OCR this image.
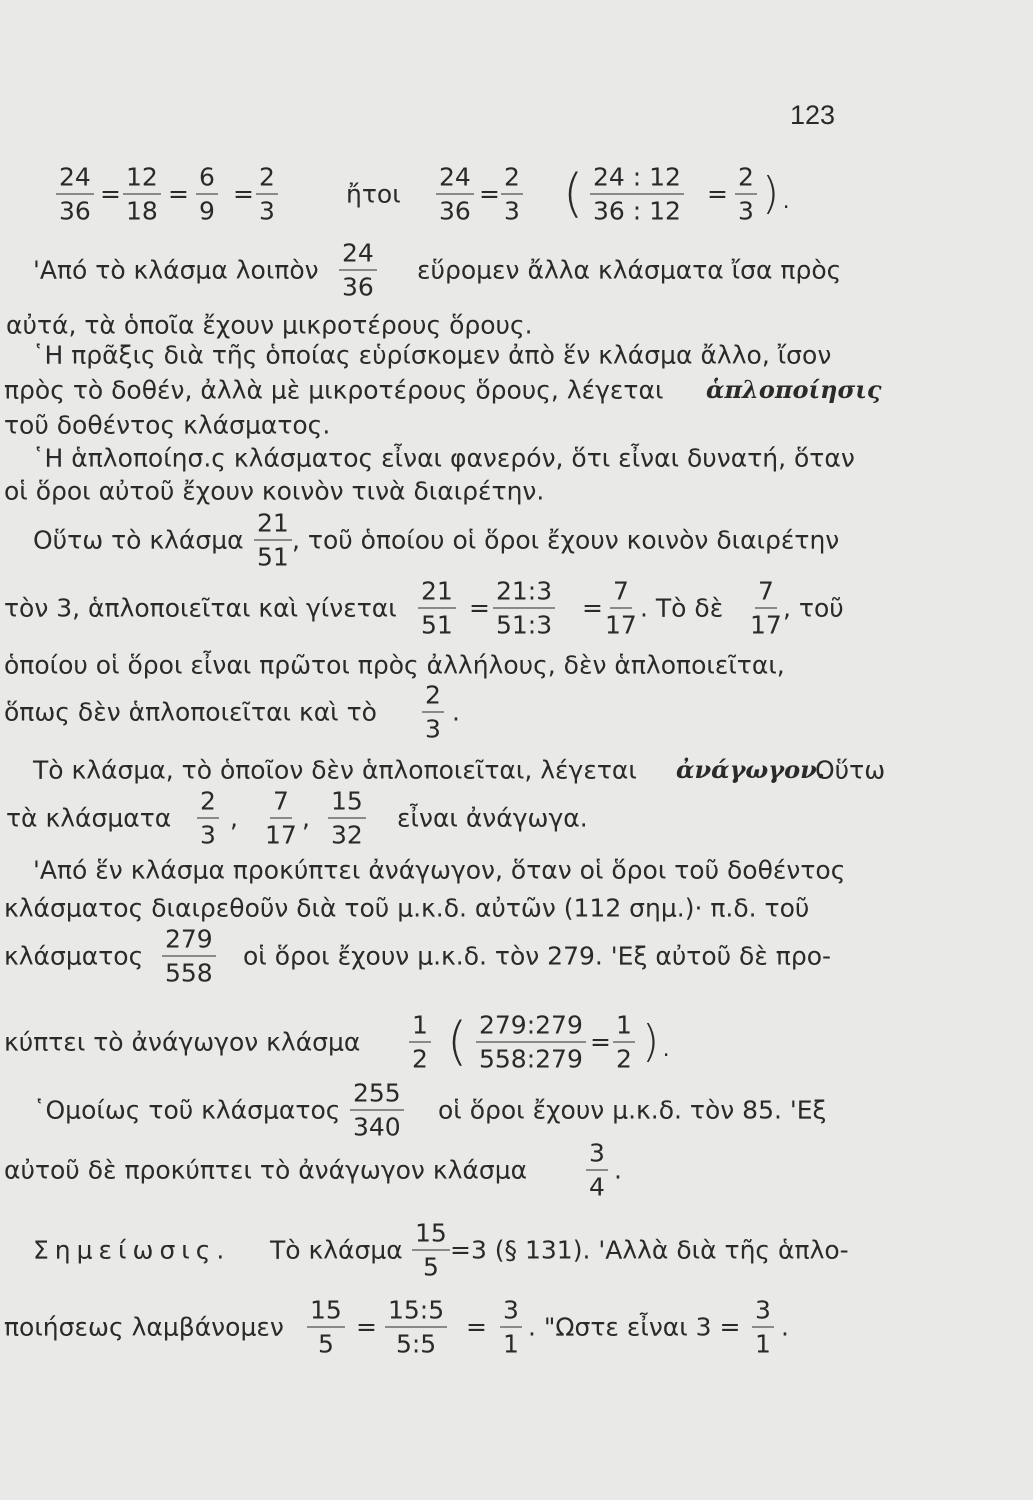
123
24
36
=
12
18
=
6
9
=
2
3
ἤτοι
24
36
=
2
3 ( 24 : 12
36 : 12
=
2
3 ).
'Από τὸ κλάσμα λοιπὸν
24
36
εὕρομεν ἄλλα κλάσματα ἴσα πρὸς
αὐτά, τὰ ὁποῖα ἔχουν μικροτέρους ὅρους.
῾Η πρᾶξις διὰ τῆς ὁποίας εὑρίσκομεν ἀπὸ ἕν κλάσμα ἄλλο, ἴσον
πρὸς τὸ δοθέν, ἀλλὰ μὲ μικροτέρους ὅρους, λέγεται ἁπλοποίησις
τοῦ δοθέντος κλάσματος.
῾Η ἁπλοποίησ.ς κλάσματος εἶναι φανερόν, ὅτι εἶναι δυνατή, ὅταν
οἱ ὅροι αὐτοῦ ἔχουν κοινὸν τινὰ διαιρέτην.
Οὕτω τὸ κλάσμα
21
51
, τοῦ ὁποίου οἱ ὅροι ἔχουν κοινὸν διαιρέτην
τὸν 3, ἁπλοποιεῖται καὶ γίνεται
21
51
=
21:3
51:3
=
7
17
. Τὸ δὲ
7
17
, τοῦ
ὁποίου οἱ ὅροι εἶναι πρῶτοι πρὸς ἀλλήλους, δὲν ἁπλοποιεῖται,
ὅπως δὲν ἁπλοποιεῖται καὶ τὸ
2
3
.
Τὸ κλάσμα, τὸ ὁποῖον δὲν ἁπλοποιεῖται, λέγεται ἀνάγωγον.
Οὕτω
τὰ κλάσματα
2
3
,
7
17
,
15
32
εἶναι ἀνάγωγα.
'Από ἕν κλάσμα προκύπτει ἀνάγωγον, ὅταν οἱ ὅροι τοῦ δοθέντος
κλάσματος διαιρεθοῦν διὰ τοῦ μ.κ.δ. αὐτῶν (112 σημ.)· π.δ. τοῦ
κλάσματος
279
558
οἱ ὅροι ἔχουν μ.κ.δ. τὸν 279. 'Εξ αὐτοῦ δὲ προ-
κύπτει τὸ ἀνάγωγον κλάσμα
1
2 ( 279:279
558:279
=
1
2 ).
῾Ομοίως τοῦ κλάσματος
255
340
οἱ ὅροι ἔχουν μ.κ.δ. τὸν 85. 'Εξ
αὐτοῦ δὲ προκύπτει τὸ ἀνάγωγον κλάσμα
3
4
.
Σημείωσις. Τὸ κλάσμα
15
5
=3 (§ 131). 'Αλλὰ διὰ τῆς ἁπλο-
ποιήσεως λαμβάνομεν
15
5
=
15:5
5:5
=
3
1
. "Ωστε εἶναι 3 =
3
1
.
